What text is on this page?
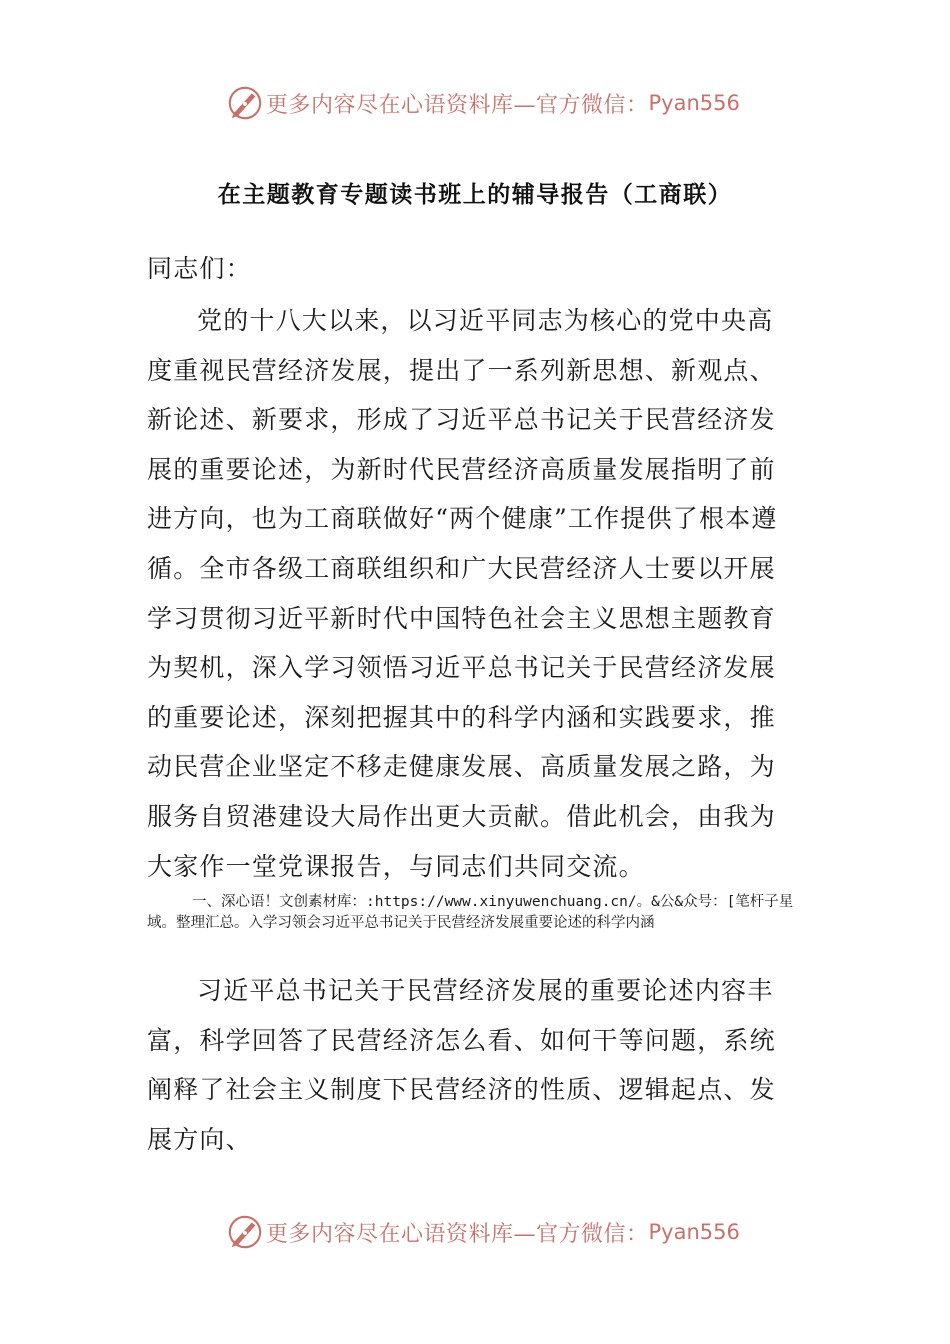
更多内容尽在心语资料库—官方微信： Pyan556
在主题教育专题读书班上的辅导报告（工商联）
同志们：

党的十八大以来，以习近平同志为核心的党中央高度重视民营经济发展，提出了一系列新思想、新观点、新论述、新要求，形成了习近平总书记关于民营经济发展的重要论述，为新时代民营经济高质量发展指明了前进方向，也为工商联做好“两个健康”工作提供了根本遵循。全市各级工商联组织和广大民营经济人士要以开展学习贯彻习近平新时代中国特色社会主义思想主题教育为契机，深入学习领悟习近平总书记关于民营经济发展的重要论述，深刻把握其中的科学内涵和实践要求，推动民营企业坚定不移走健康发展、高质量发展之路，为服务自贸港建设大局作出更大贡献。借此机会，由我为大家作一堂党课报告，与同志们共同交流。

一、深心语！文创素材库：:https://www.xinyuwenchuang.cn/。&公&众号：[笔杆子星域。整理汇总。入学习领会习近平总书记关于民营经济发展重要论述的科学内涵

习近平总书记关于民营经济发展的重要论述内容丰富，科学回答了民营经济怎么看、如何干等问题，系统阐释了社会主义制度下民营经济的性质、逻辑起点、发展方向、

更多内容尽在心语资料库—官方微信： Pyan556
